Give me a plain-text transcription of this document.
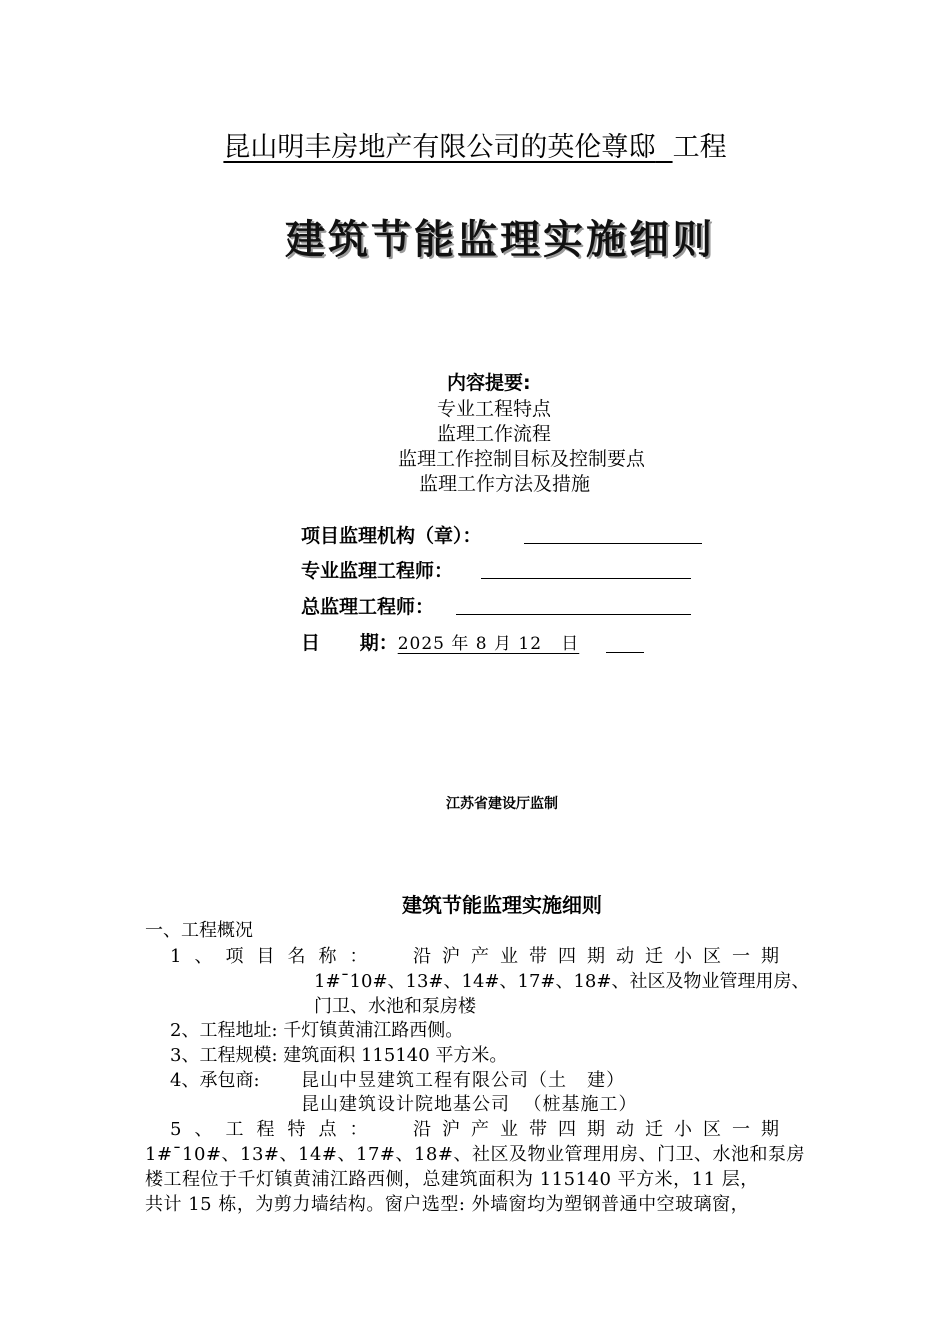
昆山明丰房地产有限公司的英伦尊邸 工程
建筑节能监理实施细则
内容提要:
专业工程特点
监理工作流程
监理工作控制目标及控制要点
监理工作方法及措施
项目监理机构（章）：
专业监理工程师：
总监理工程师：
日      期：2025 年 8 月 12   日
江苏省建设厅监制
建筑节能监理实施细则
一、工程概况
1、项目名称： 沿沪产业带四期动迁小区一期
1#¯10#、13#、14#、17#、18#、社区及物业管理用房、
门卫、水池和泵房楼
2、工程地址: 千灯镇黄浦江路西侧。
3、工程规模: 建筑面积 115140 平方米。
4、承包商: 昆山中昱建筑工程有限公司（土   建）
昆山建筑设计院地基公司  （桩基施工）
5、工程特点： 沿沪产业带四期动迁小区一期
1#¯10#、13#、14#、17#、18#、社区及物业管理用房、门卫、水池和泵房
楼工程位于千灯镇黄浦江路西侧，总建筑面积为 115140 平方米，11 层，
共计 15 栋，为剪力墙结构。窗户选型: 外墙窗均为塑钢普通中空玻璃窗，
